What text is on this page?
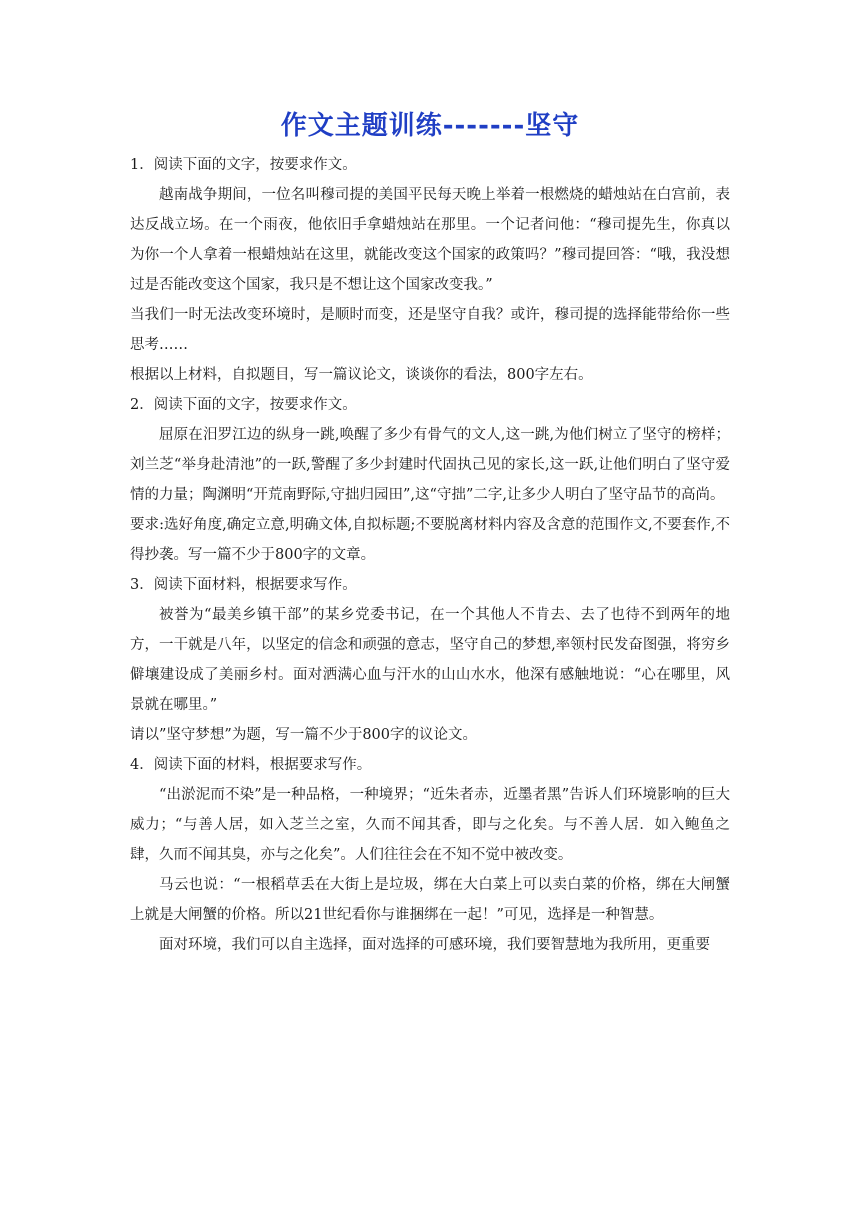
作文主题训练-------坚守

1．阅读下面的文字，按要求作文。

越南战争期间，一位名叫穆司提的美国平民每天晚上举着一根燃烧的蜡烛站在白宫前，表达反战立场。在一个雨夜，他依旧手拿蜡烛站在那里。一个记者问他：“穆司提先生，你真以为你一个人拿着一根蜡烛站在这里，就能改变这个国家的政策吗？”穆司提回答：“哦，我没想过是否能改变这个国家，我只是不想让这个国家改变我。”

当我们一时无法改变环境时，是顺时而变，还是坚守自我？或许，穆司提的选择能带给你一些思考……

根据以上材料，自拟题目，写一篇议论文，谈谈你的看法，800字左右。

2．阅读下面的文字，按要求作文。

屈原在汨罗江边的纵身一跳,唤醒了多少有骨气的文人,这一跳,为他们树立了坚守的榜样；刘兰芝“举身赴清池”的一跃,警醒了多少封建时代固执己见的家长,这一跃,让他们明白了坚守爱情的力量；陶渊明“开荒南野际,守拙归园田”,这“守拙”二字,让多少人明白了坚守品节的高尚。

要求:选好角度,确定立意,明确文体,自拟标题;不要脱离材料内容及含意的范围作文,不要套作,不得抄袭。写一篇不少于800字的文章。

3．阅读下面材料，根据要求写作。

被誉为“最美乡镇干部”的某乡党委书记，在一个其他人不肯去、去了也待不到两年的地方，一干就是八年，以坚定的信念和顽强的意志，坚守自己的梦想,率领村民发奋图强，将穷乡僻壤建设成了美丽乡村。面对洒满心血与汗水的山山水水，他深有感触地说：“心在哪里，风景就在哪里。”

请以”坚守梦想”为题，写一篇不少于800字的议论文。

4．阅读下面的材料，根据要求写作。

“出淤泥而不染”是一种品格，一种境界；“近朱者赤，近墨者黑”告诉人们环境影响的巨大威力；“与善人居，如入芝兰之室，久而不闻其香，即与之化矣。与不善人居．如入鲍鱼之肆，久而不闻其臭，亦与之化矣”。人们往往会在不知不觉中被改变。

马云也说：“一根稻草丢在大街上是垃圾，绑在大白菜上可以卖白菜的价格，绑在大闸蟹上就是大闸蟹的价格。所以21世纪看你与谁捆绑在一起！”可见，选择是一种智慧。

面对环境，我们可以自主选择，面对选择的可感环境，我们要智慧地为我所用，更重要
